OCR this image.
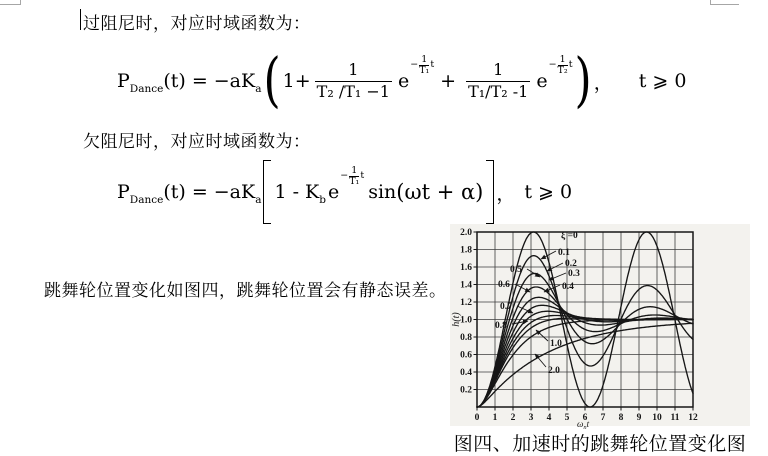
过阻尼时，对应时域函数为：
$P_{Dance}(t) = -aK_a$ ( $1+ \frac{1}{\text{T₂ /T₁ −1}}$ e
− $\frac{1}{\text{T₁}}$ t
+ $\frac{1}{\text{T₁/T₂ -1}}$ e
− $\frac{1}{\text{T₂}}$ t ) ， t ⩾ 0
欠阻尼时，对应时域函数为：
$P_{Dance}(t) = -aK_a$ $1 - K_b$ e
− $\frac{1}{\text{T₁}}$ t
sin (ωt + α) ， t ⩾ 0
跳舞轮位置变化如图四，跳舞轮位置会有静态误差。
0 1 2 3 4 5 6 7 8 9 10 11 12
0.2
0.4
0.6
0.8
1.0
1.2
1.4
1.6
1.8
2.0
h(t)
$\omega_nt$
ξ =0
0.1
0.2
0.3
0.4
0.5
0.6
0.7
0.8
1.0
2.0
图四、加速时的跳舞轮位置变化图
